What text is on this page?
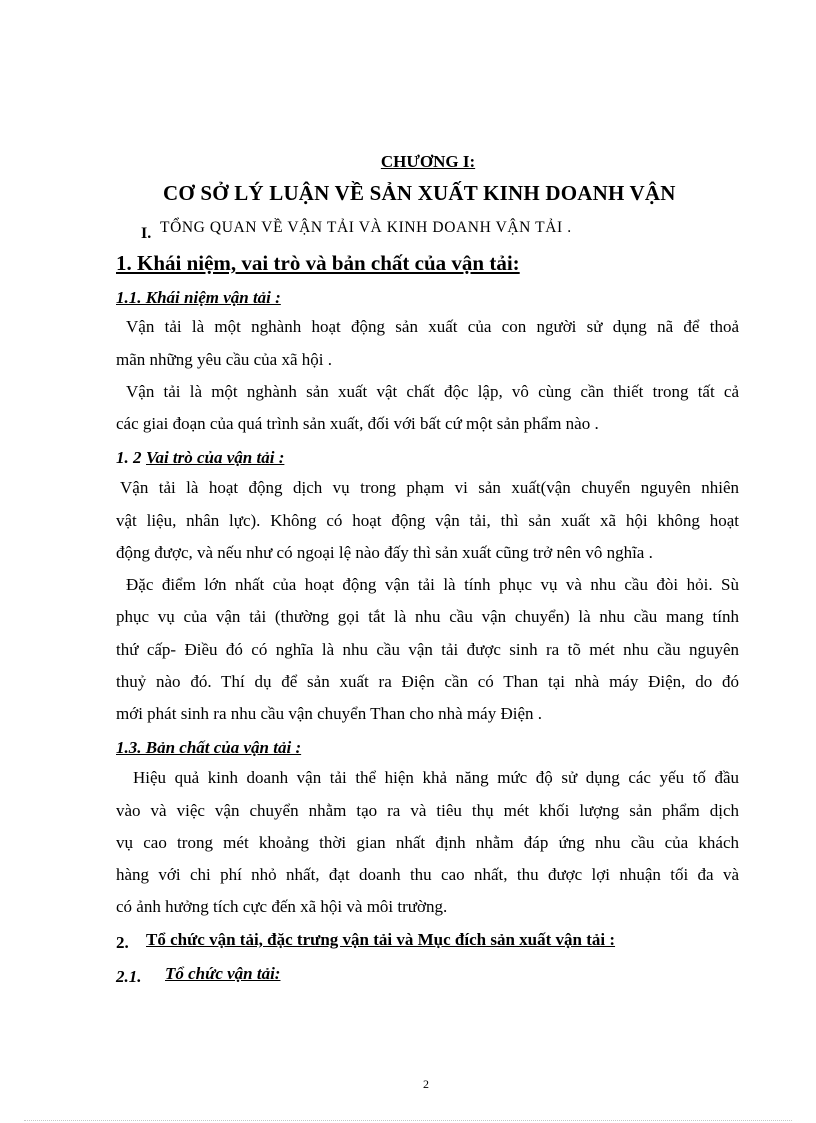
CHƯƠNG I:
CƠ SỞ LÝ LUẬN VỀ SẢN XUẤT KINH DOANH VẬN
I. TỔNG QUAN VỀ VẬN TẢI VÀ KINH DOANH VẬN TẢI .
1. Khái niệm, vai trò và bản chất của vận tải:
1.1. Khái niệm vận tải :
Vận tải là một nghành hoạt động sản xuất của con người sử dụng nã để thoả
mãn những yêu cầu của xã hội .
Vận tải là một nghành sản xuất vật chất độc lập, vô cùng cần thiết trong tất cả
các giai đoạn của quá trình sản xuất, đối với bất cứ một sản phẩm nào .
1. 2 Vai trò của vận tải :
Vận tải là hoạt động dịch vụ trong phạm vi sản xuất(vận chuyển nguyên nhiên
vật liệu, nhân lực). Không có hoạt động vận tải, thì sản xuất xã hội không hoạt
động được, và nếu như có ngoại lệ nào đấy thì sản xuất cũng trở nên vô nghĩa .
Đặc điểm lớn nhất của hoạt động vận tải là tính phục vụ và nhu cầu đòi hỏi. Sù
phục vụ của vận tải (thường gọi tắt là nhu cầu vận chuyển) là nhu cầu mang tính
thứ cấp- Điều đó có nghĩa là nhu cầu vận tải được sinh ra tõ mét nhu cầu nguyên
thuỷ nào đó. Thí dụ để sản xuất ra Điện cần có Than tại nhà máy Điện, do đó
mới phát sinh ra nhu cầu vận chuyển Than cho nhà máy Điện .
1.3. Bản chất của vận tải :
Hiệu quả kinh doanh vận tải thể hiện khả năng mức độ sử dụng các yếu tố đầu
vào và việc vận chuyển nhằm tạo ra và tiêu thụ mét khối lượng sản phẩm dịch
vụ cao trong mét khoảng thời gian nhất định nhằm đáp ứng nhu cầu của khách
hàng với chi phí nhỏ nhất, đạt doanh thu cao nhất, thu được lợi nhuận tối đa và
có ảnh hưởng tích cực đến xã hội và môi trường.
2. Tổ chức vận tải, đặc trưng vận tải và Mục đích sản xuất vận tải :
2.1. Tổ chức vận tải:
2
